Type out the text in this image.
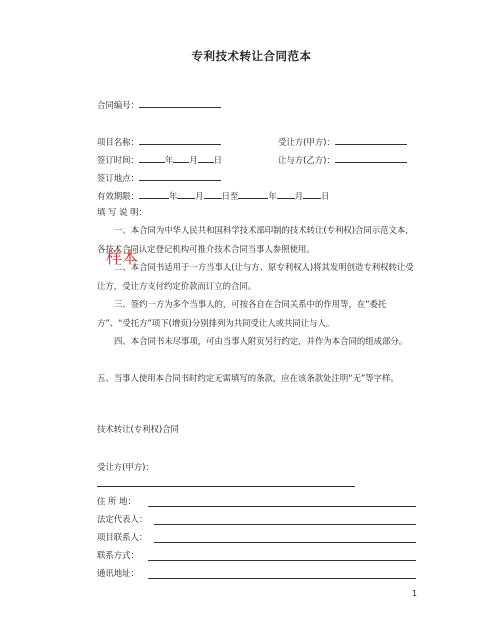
专利技术转让合同范本
合同编号：
项目名称：	受让方(甲方)：
签订时间：	年 月 日	让与方(乙方)：
签订地点：
有效期限：	年 月 日至	年 月 日
填 写 说 明：
一、本合同为中华人民共和国科学技术部印制的技术转让(专利权)合同示范文本，各技术合同认定登记机构可推介技术合同当事人参照使用。
二、本合同书适用于一方当事人(让与方、原专利权人)将其发明创造专利权转让受让方，受让方支付约定价款而订立的合同。
三、签约一方为多个当事人的，可按各自在合同关系中的作用等，在“委托方”、“受托方”项下(增页)分别排列为共同受让人或共同让与人。
四、本合同书未尽事项，可由当事人附页另行约定，并作为本合同的组成部分。
五、当事人使用本合同书时约定无需填写的条款，应在该条款处注明“无”等字样。
样本
技术转让(专利权)合同
受让方(甲方)：
住 所 地：
法定代表人：
项目联系人：
联系方式：
通讯地址：
1
